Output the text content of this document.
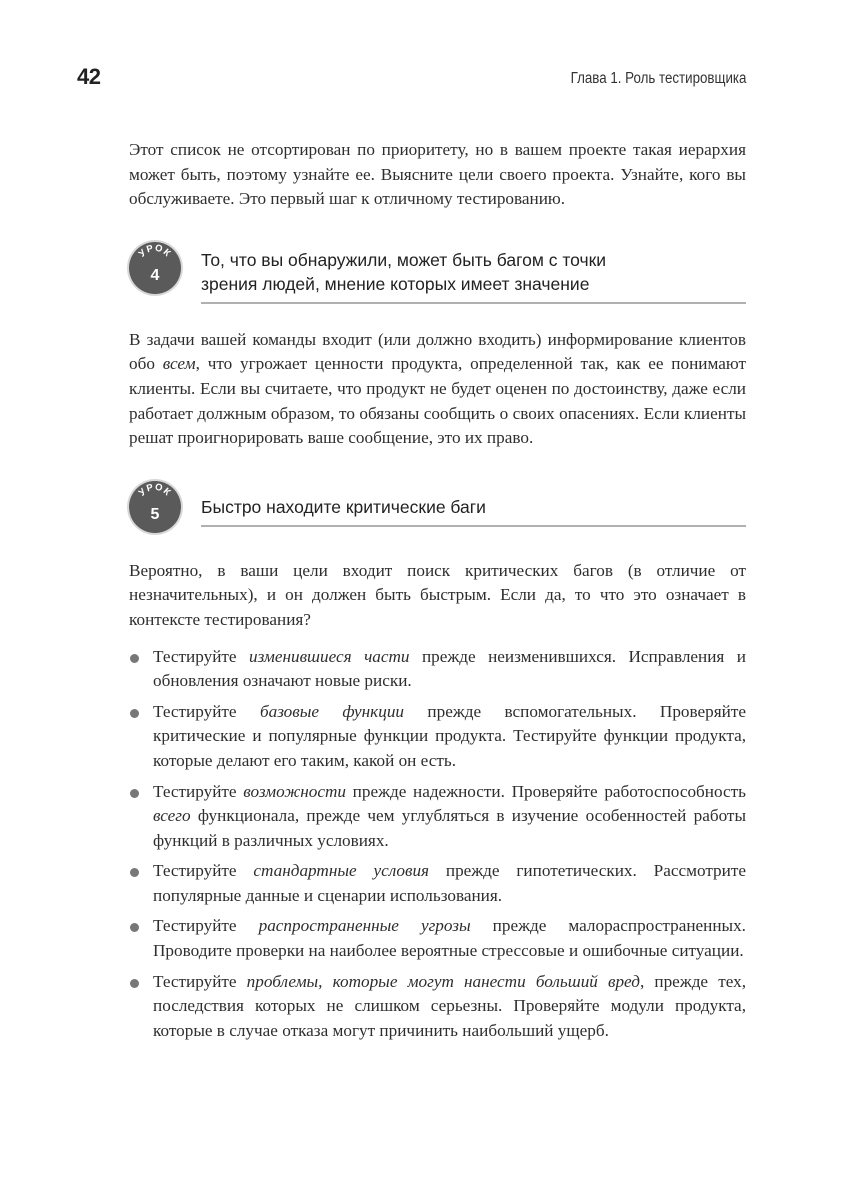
42	Глава 1. Роль тестировщика

Этот список не отсортирован по приоритету, но в вашем проекте такая иерархия может быть, поэтому узнайте ее. Выясните цели своего проекта. Узнайте, кого вы обслуживаете. Это первый шаг к отличному тестированию.

УРОК
4
То, что вы обнаружили, может быть багом с точки зрения людей, мнение которых имеет значение

В задачи вашей команды входит (или должно входить) информирование клиентов обо всем, что угрожает ценности продукта, определенной так, как ее понимают клиенты. Если вы считаете, что продукт не будет оценен по достоинству, даже если работает должным образом, то обязаны сообщить о своих опасениях. Если клиенты решат проигнорировать ваше сообщение, это их право.

УРОК
5	Быстро находите критические баги

Вероятно, в ваши цели входит поиск критических багов (в отличие от незначительных), и он должен быть быстрым. Если да, то что это означает в контексте тестирования?

Тестируйте изменившиеся части прежде неизменившихся. Исправления и обновления означают новые риски.
Тестируйте базовые функции прежде вспомогательных. Проверяйте критические и популярные функции продукта. Тестируйте функции продукта, которые делают его таким, какой он есть.
Тестируйте возможности прежде надежности. Проверяйте работоспособность всего функционала, прежде чем углубляться в изучение особенностей работы функций в различных условиях.
Тестируйте стандартные условия прежде гипотетических. Рассмотрите популярные данные и сценарии использования.
Тестируйте распространенные угрозы прежде малораспространенных. Проводите проверки на наиболее вероятные стрессовые и ошибочные ситуации.
Тестируйте проблемы, которые могут нанести больший вред, прежде тех, последствия которых не слишком серьезны. Проверяйте модули продукта, которые в случае отказа могут причинить наибольший ущерб.
